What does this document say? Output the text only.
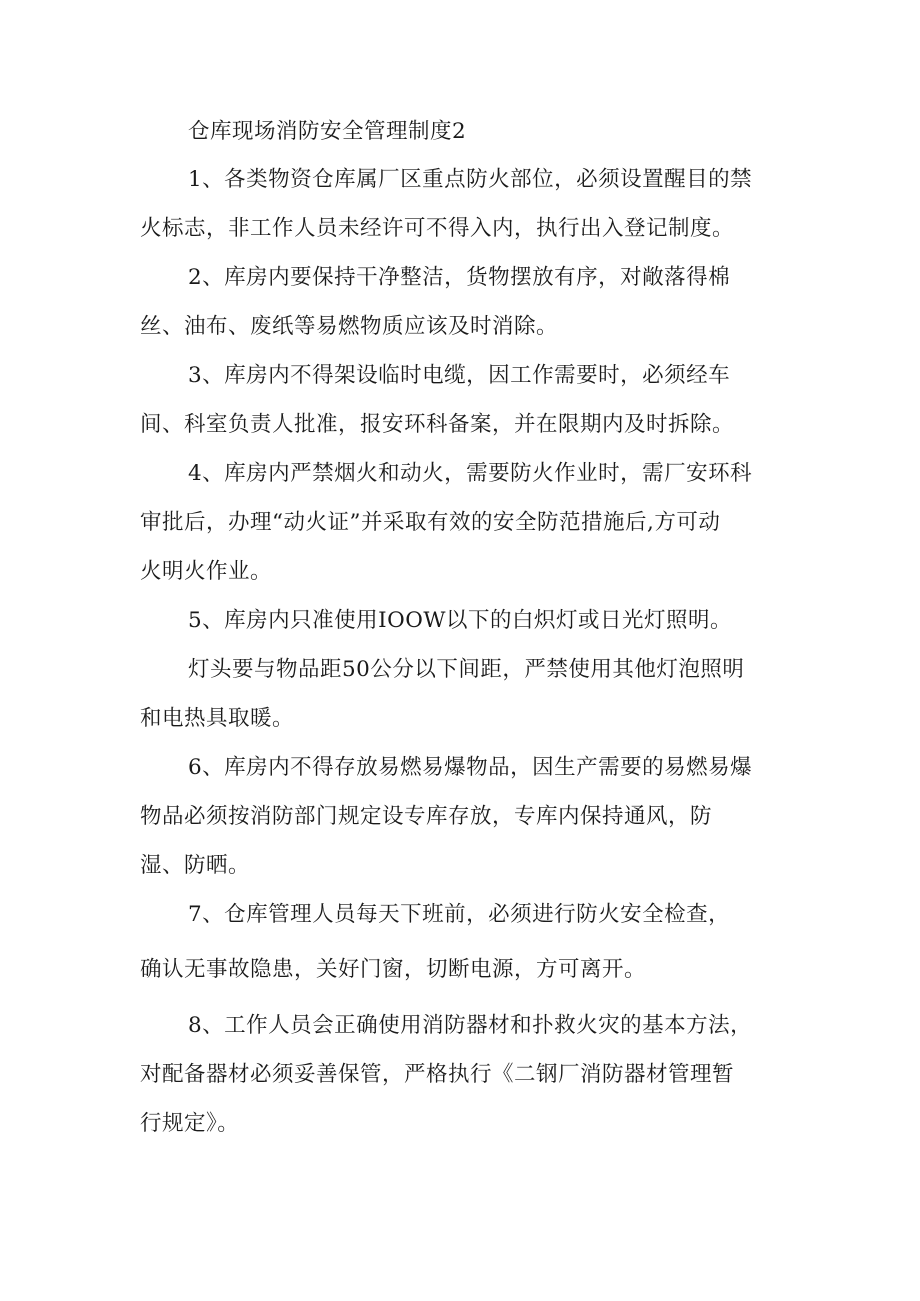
仓库现场消防安全管理制度2
1、各类物资仓库属厂区重点防火部位，必须设置醒目的禁
火标志，非工作人员未经许可不得入内，执行出入登记制度。
2、库房内要保持干净整洁，货物摆放有序，对敞落得棉
丝、油布、废纸等易燃物质应该及时消除。
3、库房内不得架设临时电缆，因工作需要时，必须经车
间、科室负责人批准，报安环科备案，并在限期内及时拆除。
4、库房内严禁烟火和动火，需要防火作业时，需厂安环科
审批后，办理“动火证”并采取有效的安全防范措施后,方可动
火明火作业。
5、库房内只准使用IOOW以下的白炽灯或日光灯照明。
灯头要与物品距50公分以下间距，严禁使用其他灯泡照明
和电热具取暖。
6、库房内不得存放易燃易爆物品，因生产需要的易燃易爆
物品必须按消防部门规定设专库存放，专库内保持通风，防
湿、防晒。
7、仓库管理人员每天下班前，必须进行防火安全检查，
确认无事故隐患，关好门窗，切断电源，方可离开。
8、工作人员会正确使用消防器材和扑救火灾的基本方法，
对配备器材必须妥善保管，严格执行《二钢厂消防器材管理暂
行规定》。
